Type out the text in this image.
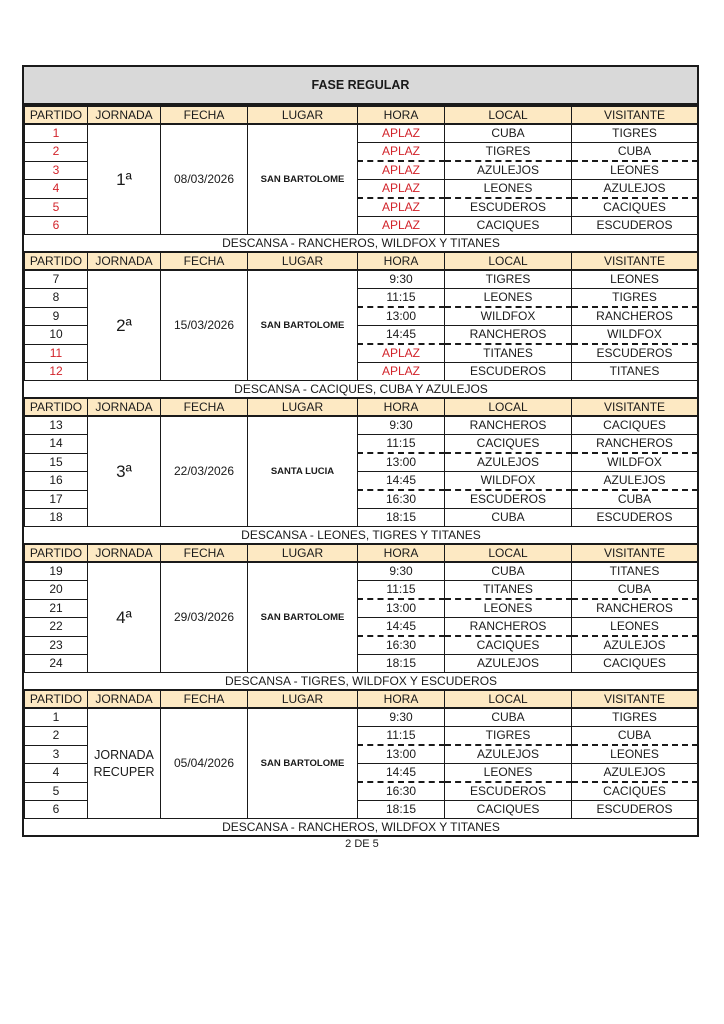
FASE REGULAR
PARTIDO	JORNADA	FECHA	LUGAR	HORA	LOCAL	VISITANTE
1	1ª	08/03/2026	SAN BARTOLOME	APLAZ	CUBA	TIGRES
2				APLAZ	TIGRES	CUBA
3				APLAZ	AZULEJOS	LEONES
4				APLAZ	LEONES	AZULEJOS
5				APLAZ	ESCUDEROS	CACIQUES
6				APLAZ	CACIQUES	ESCUDEROS
DESCANSA - RANCHEROS, WILDFOX Y TITANES						
PARTIDO	JORNADA	FECHA	LUGAR	HORA	LOCAL	VISITANTE
7	2ª	15/03/2026	SAN BARTOLOME	9:30	TIGRES	LEONES
8				11:15	LEONES	TIGRES
9				13:00	WILDFOX	RANCHEROS
10				14:45	RANCHEROS	WILDFOX
11				APLAZ	TITANES	ESCUDEROS
12				APLAZ	ESCUDEROS	TITANES
DESCANSA - CACIQUES, CUBA Y AZULEJOS						
PARTIDO	JORNADA	FECHA	LUGAR	HORA	LOCAL	VISITANTE
13	3ª	22/03/2026	SANTA LUCIA	9:30	RANCHEROS	CACIQUES
14				11:15	CACIQUES	RANCHEROS
15				13:00	AZULEJOS	WILDFOX
16				14:45	WILDFOX	AZULEJOS
17				16:30	ESCUDEROS	CUBA
18				18:15	CUBA	ESCUDEROS
DESCANSA - LEONES, TIGRES Y TITANES						
PARTIDO	JORNADA	FECHA	LUGAR	HORA	LOCAL	VISITANTE
19	4ª	29/03/2026	SAN BARTOLOME	9:30	CUBA	TITANES
20				11:15	TITANES	CUBA
21				13:00	LEONES	RANCHEROS
22				14:45	RANCHEROS	LEONES
23				16:30	CACIQUES	AZULEJOS
24				18:15	AZULEJOS	CACIQUES
DESCANSA - TIGRES, WILDFOX Y ESCUDEROS						
PARTIDO	JORNADA	FECHA	LUGAR	HORA	LOCAL	VISITANTE
1	JORNADA RECUPER	05/04/2026	SAN BARTOLOME	9:30	CUBA	TIGRES
2				11:15	TIGRES	CUBA
3				13:00	AZULEJOS	LEONES
4				14:45	LEONES	AZULEJOS
5				16:30	ESCUDEROS	CACIQUES
6				18:15	CACIQUES	ESCUDEROS
DESCANSA - RANCHEROS, WILDFOX Y TITANES						
2 DE 5
